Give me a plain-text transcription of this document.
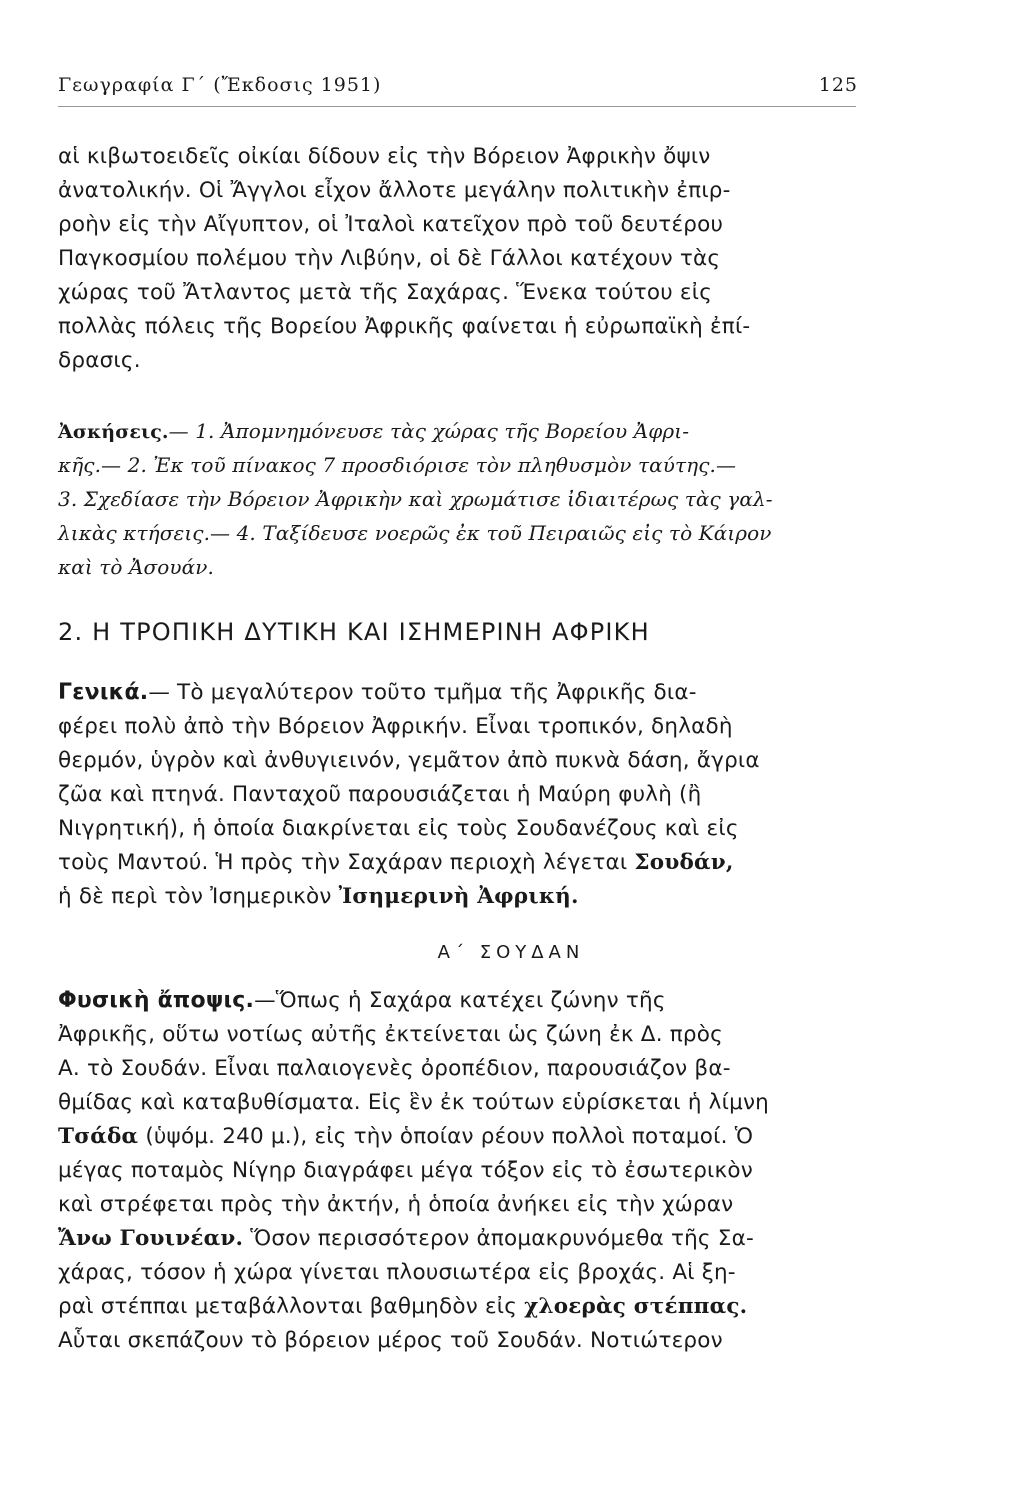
Γεωγραφία Γ΄ (Ἔκδοσις 1951)	125
αἱ κιβωτοειδεῖς οἰκίαι δίδουν εἰς τὴν Βόρειον Ἀφρικὴν ὄψιν
ἀνατολικήν. Οἱ Ἄγγλοι εἶχον ἄλλοτε μεγάλην πολιτικὴν ἐπιρ-
ροὴν εἰς τὴν Αἴγυπτον, οἱ Ἰταλοὶ κατεῖχον πρὸ τοῦ δευτέρου
Παγκοσμίου πολέμου τὴν Λιβύην, οἱ δὲ Γάλλοι κατέχουν τὰς
χώρας τοῦ Ἄτλαντος μετὰ τῆς Σαχάρας. Ἕνεκα τούτου εἰς
πολλὰς πόλεις τῆς Βορείου Ἀφρικῆς φαίνεται ἡ εὐρωπαϊκὴ ἐπί-
δρασις.
Ἀσκήσεις.— 1. Ἀπομνημόνευσε τὰς χώρας τῆς Βορείου Ἀφρι-
κῆς.— 2. Ἐκ τοῦ πίνακος 7 προσδιόρισε τὸν πληθυσμὸν ταύτης.—
3. Σχεδίασε τὴν Βόρειον Ἀφρικὴν καὶ χρωμάτισε ἰδιαιτέρως τὰς γαλ-
λικὰς κτήσεις.— 4. Ταξίδευσε νοερῶς ἐκ τοῦ Πειραιῶς εἰς τὸ Κάιρον
καὶ τὸ Ἀσουάν.
2. Η ΤΡΟΠΙΚΗ ΔΥΤΙΚΗ ΚΑΙ ΙΣΗΜΕΡΙΝΗ ΑΦΡΙΚΗ
Γενικά.— Τὸ μεγαλύτερον τοῦτο τμῆμα τῆς Ἀφρικῆς δια-
φέρει πολὺ ἀπὸ τὴν Βόρειον Ἀφρικήν. Εἶναι τροπικόν, δηλαδὴ
θερμόν, ὑγρὸν καὶ ἀνθυγιεινόν, γεμᾶτον ἀπὸ πυκνὰ δάση, ἄγρια
ζῶα καὶ πτηνά. Πανταχοῦ παρουσιάζεται ἡ Μαύρη φυλὴ (ἢ
Νιγρητική), ἡ ὁποία διακρίνεται εἰς τοὺς Σουδανέζους καὶ εἰς
τοὺς Μαντού. Ἡ πρὸς τὴν Σαχάραν περιοχὴ λέγεται Σουδάν,
ἡ δὲ περὶ τὸν Ἰσημερικὸν Ἰσημερινὴ Ἀφρική.
Α΄ ΣΟΥΔΑΝ
Φυσικὴ ἄποψις.—Ὅπως ἡ Σαχάρα κατέχει ζώνην τῆς
Ἀφρικῆς, οὕτω νοτίως αὐτῆς ἐκτείνεται ὡς ζώνη ἐκ Δ. πρὸς
Α. τὸ Σουδάν. Εἶναι παλαιογενὲς ὀροπέδιον, παρουσιάζον βα-
θμίδας καὶ καταβυθίσματα. Εἰς ἓν ἐκ τούτων εὑρίσκεται ἡ λίμνη
Τσάδα (ὑψόμ. 240 μ.), εἰς τὴν ὁποίαν ρέουν πολλοὶ ποταμοί. Ὁ
μέγας ποταμὸς Νίγηρ διαγράφει μέγα τόξον εἰς τὸ ἐσωτερικὸν
καὶ στρέφεται πρὸς τὴν ἀκτήν, ἡ ὁποία ἀνήκει εἰς τὴν χώραν
Ἄνω Γουινέαν. Ὅσον περισσότερον ἀπομακρυνόμεθα τῆς Σα-
χάρας, τόσον ἡ χώρα γίνεται πλουσιωτέρα εἰς βροχάς. Αἱ ξη-
ραὶ στέππαι μεταβάλλονται βαθμηδὸν εἰς χλοερὰς στέππας.
Αὗται σκεπάζουν τὸ βόρειον μέρος τοῦ Σουδάν. Νοτιώτερον
